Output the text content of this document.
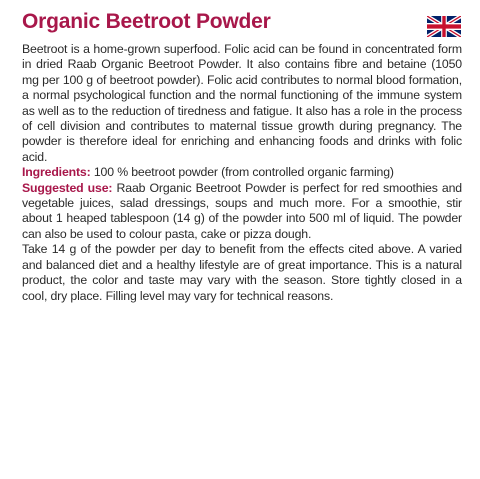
Organic Beetroot Powder

Beetroot is a home-grown superfood. Folic acid can be found in concentrated form in dried Raab Organic Beetroot Powder. It also contains fibre and betaine (1050 mg per 100 g of beetroot powder). Folic acid contributes to normal blood formation, a normal psychological function and the normal functioning of the immune system as well as to the reduction of tiredness and fatigue. It also has a role in the process of cell division and contributes to maternal tissue growth during pregnancy. The powder is therefore ideal for enriching and enhancing foods and drinks with folic acid.

Ingredients: 100 % beetroot powder (from controlled organic farming)

Suggested use: Raab Organic Beetroot Powder is perfect for red smoothies and vegetable juices, salad dressings, soups and much more. For a smoothie, stir about 1 heaped tablespoon (14 g) of the powder into 500 ml of liquid. The powder can also be used to colour pasta, cake or pizza dough.

Take 14 g of the powder per day to benefit from the effects cited above. A varied and balanced diet and a healthy lifestyle are of great importance. This is a natural product, the color and taste may vary with the season. Store tightly closed in a cool, dry place. Filling level may vary for technical reasons.
